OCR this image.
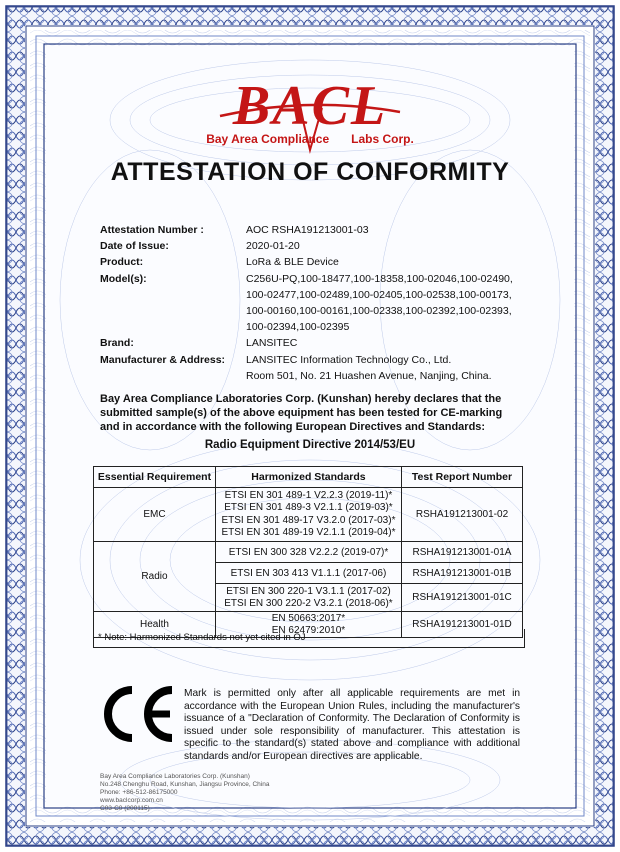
BACL
Bay Area Compliance Labs Corp.
ATTESTATION OF CONFORMITY
Attestation Number :	AOC RSHA191213001-03
Date of Issue:	2020-01-20
Product:	LoRa & BLE Device
Model(s):	C256U-PQ,100-18477,100-18358,100-02046,100-02490,
100-02477,100-02489,100-02405,100-02538,100-00173,
100-00160,100-00161,100-02338,100-02392,100-02393,
100-02394,100-02395
Brand:	LANSITEC
Manufacturer & Address:	LANSITEC Information Technology Co., Ltd.
Room 501, No. 21 Huashen Avenue, Nanjing, China.
Bay Area Compliance Laboratories Corp. (Kunshan) hereby declares that the submitted sample(s) of the above equipment has been tested for CE-marking and in accordance with the following European Directives and Standards:
Radio Equipment Directive 2014/53/EU
Essential Requirement	Harmonized Standards	Test Report Number
EMC	ETSI EN 301 489-1 V2.2.3 (2019-11)*
ETSI EN 301 489-3 V2.1.1 (2019-03)*
ETSI EN 301 489-17 V3.2.0 (2017-03)*
ETSI EN 301 489-19 V2.1.1 (2019-04)*	RSHA191213001-02
Radio	ETSI EN 300 328 V2.2.2 (2019-07)*	RSHA191213001-01A
	ETSI EN 303 413 V1.1.1 (2017-06)	RSHA191213001-01B

	ETSI EN 300 220-1 V3.1.1 (2017-02)
ETSI EN 300 220-2 V3.2.1 (2018-06)*	RSHA191213001-01C
Health	EN 50663:2017*
EN 62479:2010*	RSHA191213001-01D
* Note: Harmonized Standards not yet cited in OJ
Mark is permitted only after all applicable requirements are met in accordance with the European Union Rules, including the manufacturer's issuance of a "Declaration of Conformity. The Declaration of Conformity is issued under sole responsibility of manufacturer. This attestation is specific to the standard(s) stated above and compliance with additional standards and/or European directives are applicable.
Bay Area Compliance Laboratories Corp. (Kunshan)
No.248 Chenghu Road, Kunshan, Jiangsu Province, China
Phone: +86-512-86175000
www.baclcorp.com.cn
C03-C0 (200115)
